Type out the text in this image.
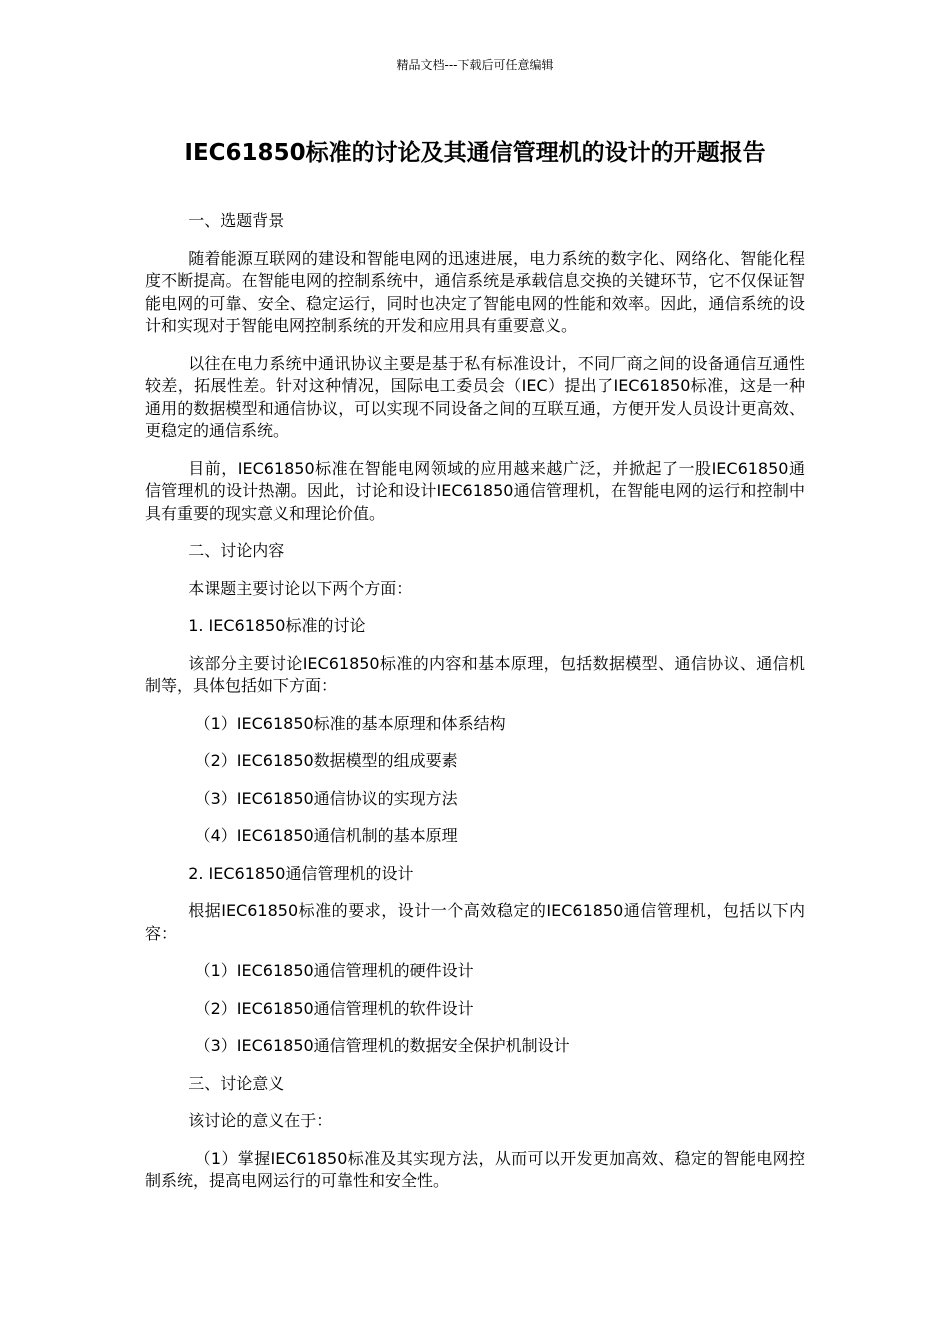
精品文档---下载后可任意编辑
IEC61850标准的讨论及其通信管理机的设计的开题报告

一、选题背景

随着能源互联网的建设和智能电网的迅速进展，电力系统的数字化、网络化、智能化程度不断提高。在智能电网的控制系统中，通信系统是承载信息交换的关键环节，它不仅保证智能电网的可靠、安全、稳定运行，同时也决定了智能电网的性能和效率。因此，通信系统的设计和实现对于智能电网控制系统的开发和应用具有重要意义。

以往在电力系统中通讯协议主要是基于私有标准设计，不同厂商之间的设备通信互通性较差，拓展性差。针对这种情况，国际电工委员会（IEC）提出了IEC61850标准，这是一种通用的数据模型和通信协议，可以实现不同设备之间的互联互通，方便开发人员设计更高效、更稳定的通信系统。

目前，IEC61850标准在智能电网领域的应用越来越广泛，并掀起了一股IEC61850通信管理机的设计热潮。因此，讨论和设计IEC61850通信管理机，在智能电网的运行和控制中具有重要的现实意义和理论价值。

二、讨论内容

本课题主要讨论以下两个方面：

1. IEC61850标准的讨论

该部分主要讨论IEC61850标准的内容和基本原理，包括数据模型、通信协议、通信机制等，具体包括如下方面：

（1）IEC61850标准的基本原理和体系结构

（2）IEC61850数据模型的组成要素

（3）IEC61850通信协议的实现方法

（4）IEC61850通信机制的基本原理

2. IEC61850通信管理机的设计

根据IEC61850标准的要求，设计一个高效稳定的IEC61850通信管理机，包括以下内容：

（1）IEC61850通信管理机的硬件设计

（2）IEC61850通信管理机的软件设计

（3）IEC61850通信管理机的数据安全保护机制设计

三、讨论意义

该讨论的意义在于：

（1）掌握IEC61850标准及其实现方法，从而可以开发更加高效、稳定的智能电网控制系统，提高电网运行的可靠性和安全性。
